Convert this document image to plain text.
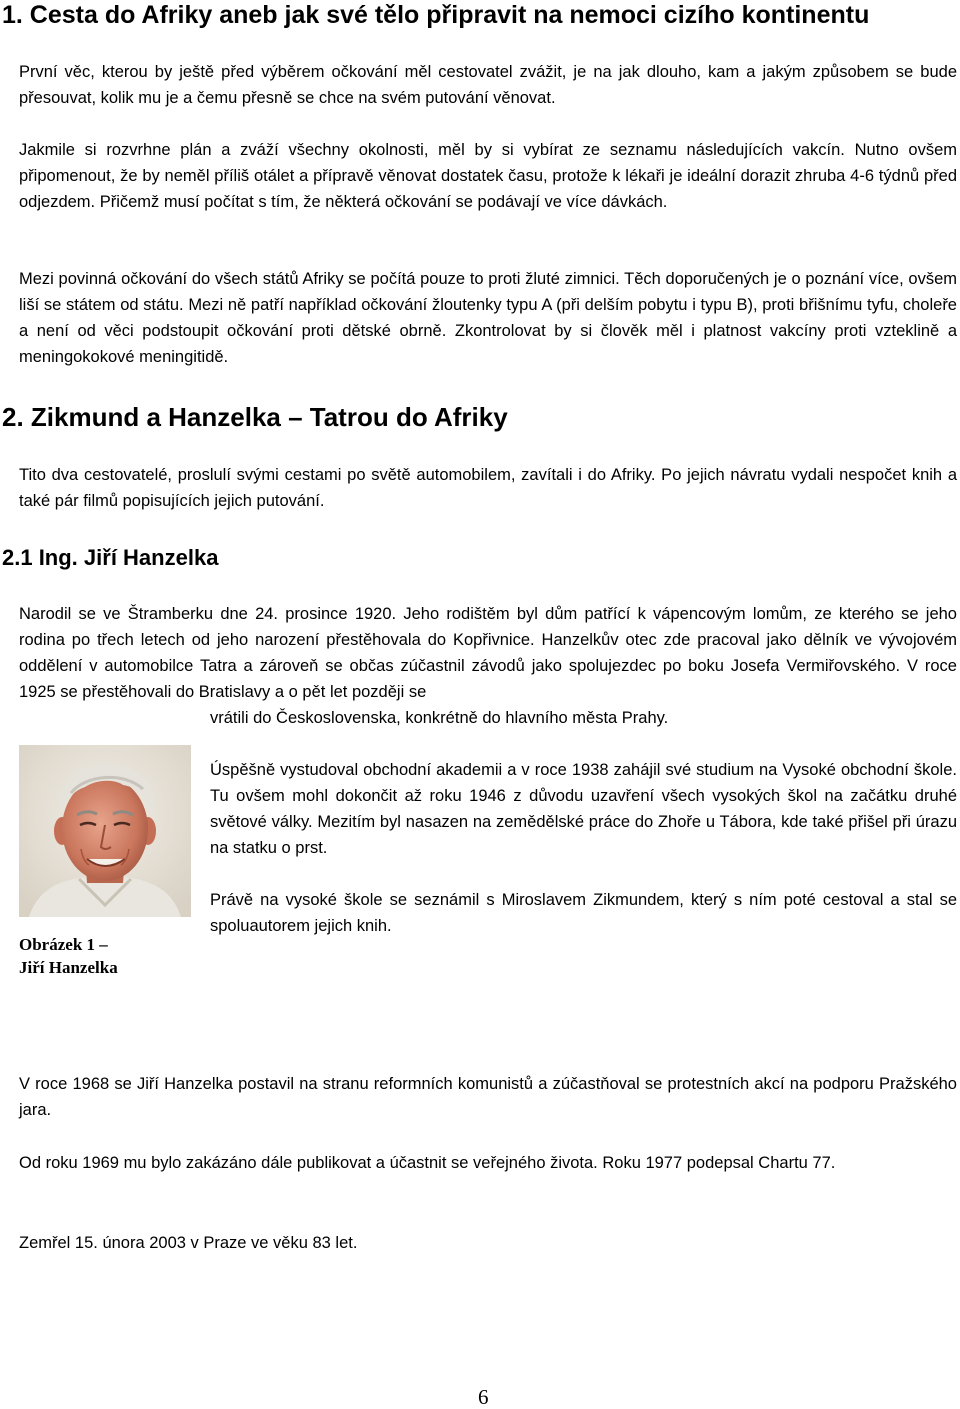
1. Cesta do Afriky aneb jak své tělo připravit na nemoci cizího kontinentu

První věc, kterou by ještě před výběrem očkování měl cestovatel zvážit, je na jak dlouho, kam a jakým způsobem se bude přesouvat, kolik mu je a čemu přesně se chce na svém putování věnovat.

Jakmile si rozvrhne plán a zváží všechny okolnosti, měl by si vybírat ze seznamu následujících vakcín. Nutno ovšem připomenout, že by neměl příliš otálet a přípravě věnovat dostatek času, protože k lékaři je ideální dorazit zhruba 4-6 týdnů před odjezdem. Přičemž musí počítat s tím, že některá očkování se podávají ve více dávkách.

Mezi povinná očkování do všech států Afriky se počítá pouze to proti žluté zimnici. Těch doporučených je o poznání více, ovšem liší se státem od státu. Mezi ně patří například očkování žloutenky typu A (při delším pobytu i typu B), proti břišnímu tyfu, choleře a není od věci podstoupit očkování proti dětské obrně. Zkontrolovat by si člověk měl i platnost vakcíny proti vzteklině a meningokokové meningitidě.

2. Zikmund a Hanzelka – Tatrou do Afriky

Tito dva cestovatelé, proslulí svými cestami po světě automobilem, zavítali i do Afriky. Po jejich návratu vydali nespočet knih a také pár filmů popisujících jejich putování.

2.1 Ing. Jiří Hanzelka

Narodil se ve Štramberku dne 24. prosince 1920. Jeho rodištěm byl dům patřící k vápencovým lomům, ze kterého se jeho rodina po třech letech od jeho narození přestěhovala do Kopřivnice. Hanzelkův otec zde pracoval jako dělník ve vývojovém oddělení v automobilce Tatra a zároveň se občas zúčastnil závodů jako spolujezdec po boku Josefa Vermiřovského. V roce 1925 se přestěhovali do Bratislavy a o pět let později se

vrátili do Československa, konkrétně do hlavního města Prahy.

Obrázek 1 –
Jiří Hanzelka

Úspěšně vystudoval obchodní akademii a v roce 1938 zahájil své studium na Vysoké obchodní škole. Tu ovšem mohl dokončit až roku 1946 z důvodu uzavření všech vysokých škol na začátku druhé světové války. Mezitím byl nasazen na zemědělské práce do Zhoře u Tábora, kde také přišel při úrazu na statku o prst.

Právě na vysoké škole se seznámil s Miroslavem Zikmundem, který s ním poté cestoval a stal se spoluautorem jejich knih.

V roce 1968 se Jiří Hanzelka postavil na stranu reformních komunistů a zúčastňoval se protestních akcí na podporu Pražského jara.

Od roku 1969 mu bylo zakázáno dále publikovat a účastnit se veřejného života. Roku 1977 podepsal Chartu 77.

Zemřel 15. února 2003 v Praze ve věku 83 let.

6
